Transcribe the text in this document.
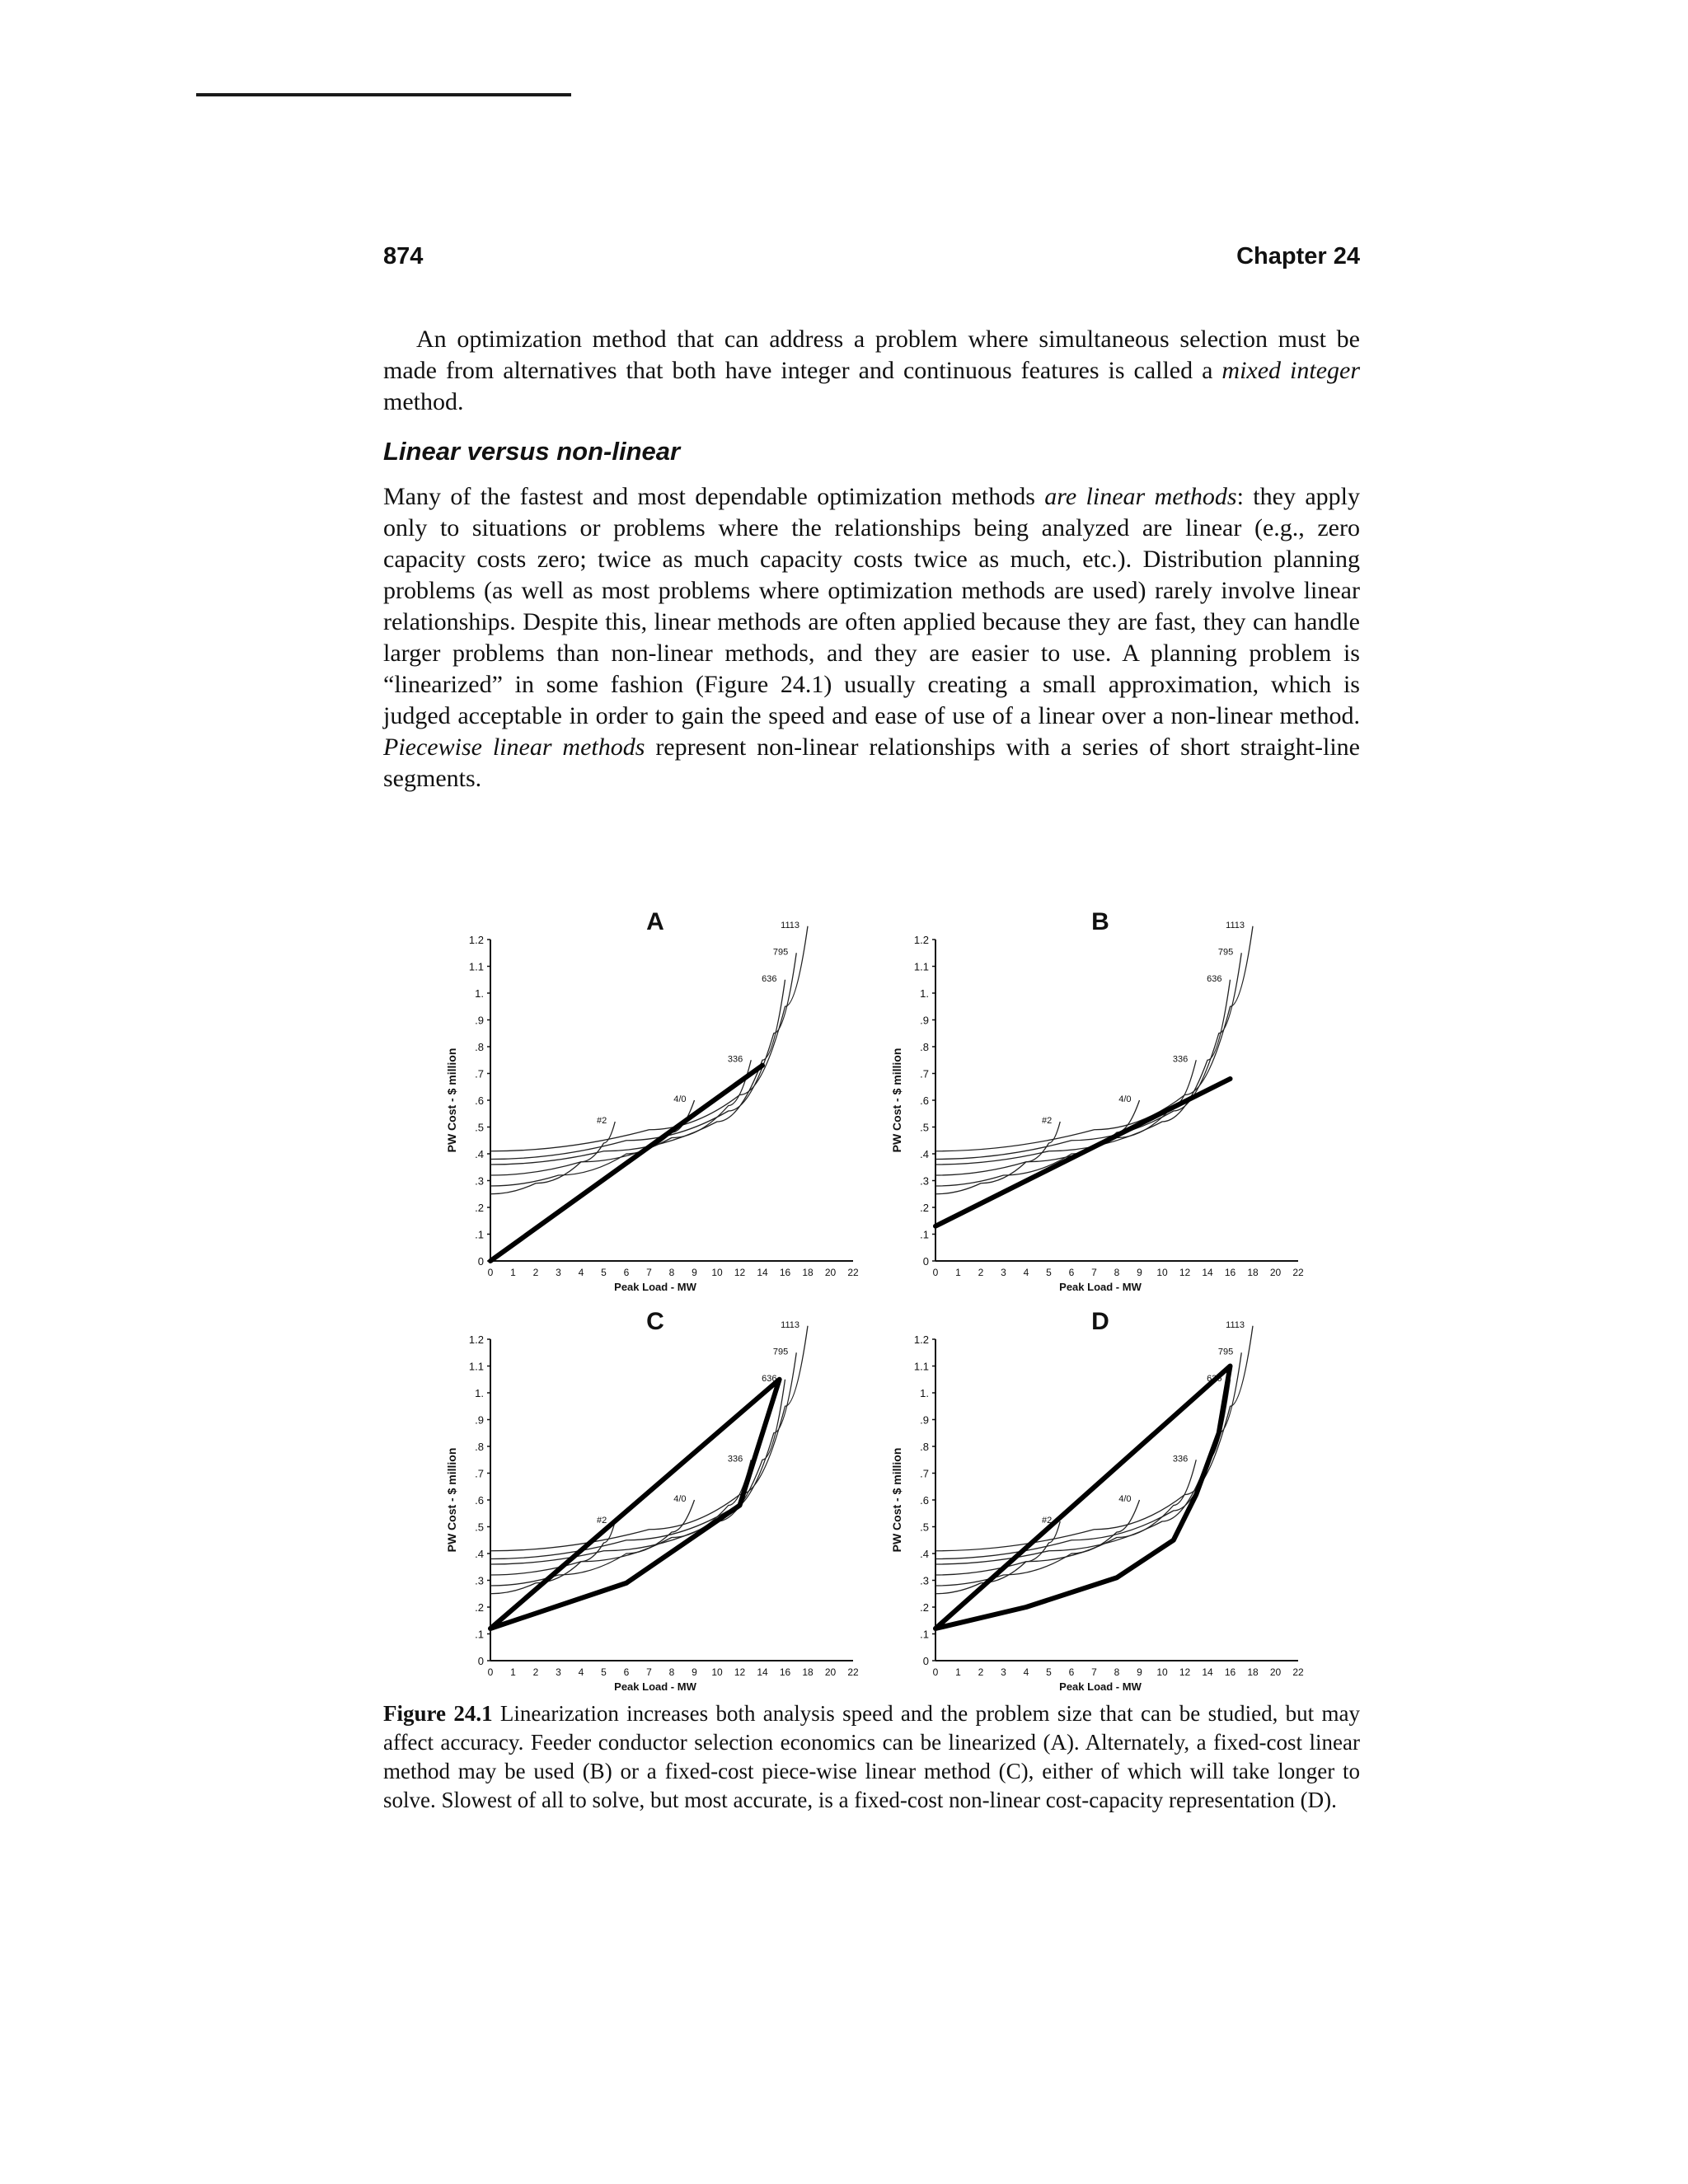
874	Chapter 24
An optimization method that can address a problem where simultaneous selection must be made from alternatives that both have integer and continuous features is called a mixed integer method.
Linear versus non-linear
Many of the fastest and most dependable optimization methods are linear methods: they apply only to situations or problems where the relationships being analyzed are linear (e.g., zero capacity costs zero; twice as much capacity costs twice as much, etc.). Distribution planning problems (as well as most problems where optimization methods are used) rarely involve linear relationships. Despite this, linear methods are often applied because they are fast, they can handle larger problems than non-linear methods, and they are easier to use. A planning problem is “linearized” in some fashion (Figure 24.1) usually creating a small approximation, which is judged acceptable in order to gain the speed and ease of use of a linear over a non-linear method. Piecewise linear methods represent non-linear relationships with a series of short straight-line segments.
A
0
.1
.2
.3
.4
.5
.6
.7
.8
.9
1.
1.1
1.2
0 1 2 3 4 5 6 7 8 9 10 12 14 16 18 20 22
Peak Load - MW
PW Cost - $ million	#2
4/0
336
636
795
1113	B
0
.1
.2
.3
.4
.5
.6
.7
.8
.9
1.
1.1
1.2
0 1 2 3 4 5 6 7 8 9 10 12 14 16 18 20 22
Peak Load - MW
PW Cost - $ million	#2
4/0
336
636
795
1113
C
0
.1
.2
.3
.4
.5
.6
.7
.8
.9
1.
1.1
1.2
0 1 2 3 4 5 6 7 8 9 10 12 14 16 18 20 22
Peak Load - MW
PW Cost - $ million	#2
4/0
336
636
795
1113	D
0
.1
.2
.3
.4
.5
.6
.7
.8
.9
1.
1.1
1.2
0 1 2 3 4 5 6 7 8 9 10 12 14 16 18 20 22
Peak Load - MW
PW Cost - $ million	#2
4/0
336
636
795
1113
Figure 24.1 Linearization increases both analysis speed and the problem size that can be studied, but may affect accuracy. Feeder conductor selection economics can be linearized (A). Alternately, a fixed-cost linear method may be used (B) or a fixed-cost piece-wise linear method (C), either of which will take longer to solve. Slowest of all to solve, but most accurate, is a fixed-cost non-linear cost-capacity representation (D).
